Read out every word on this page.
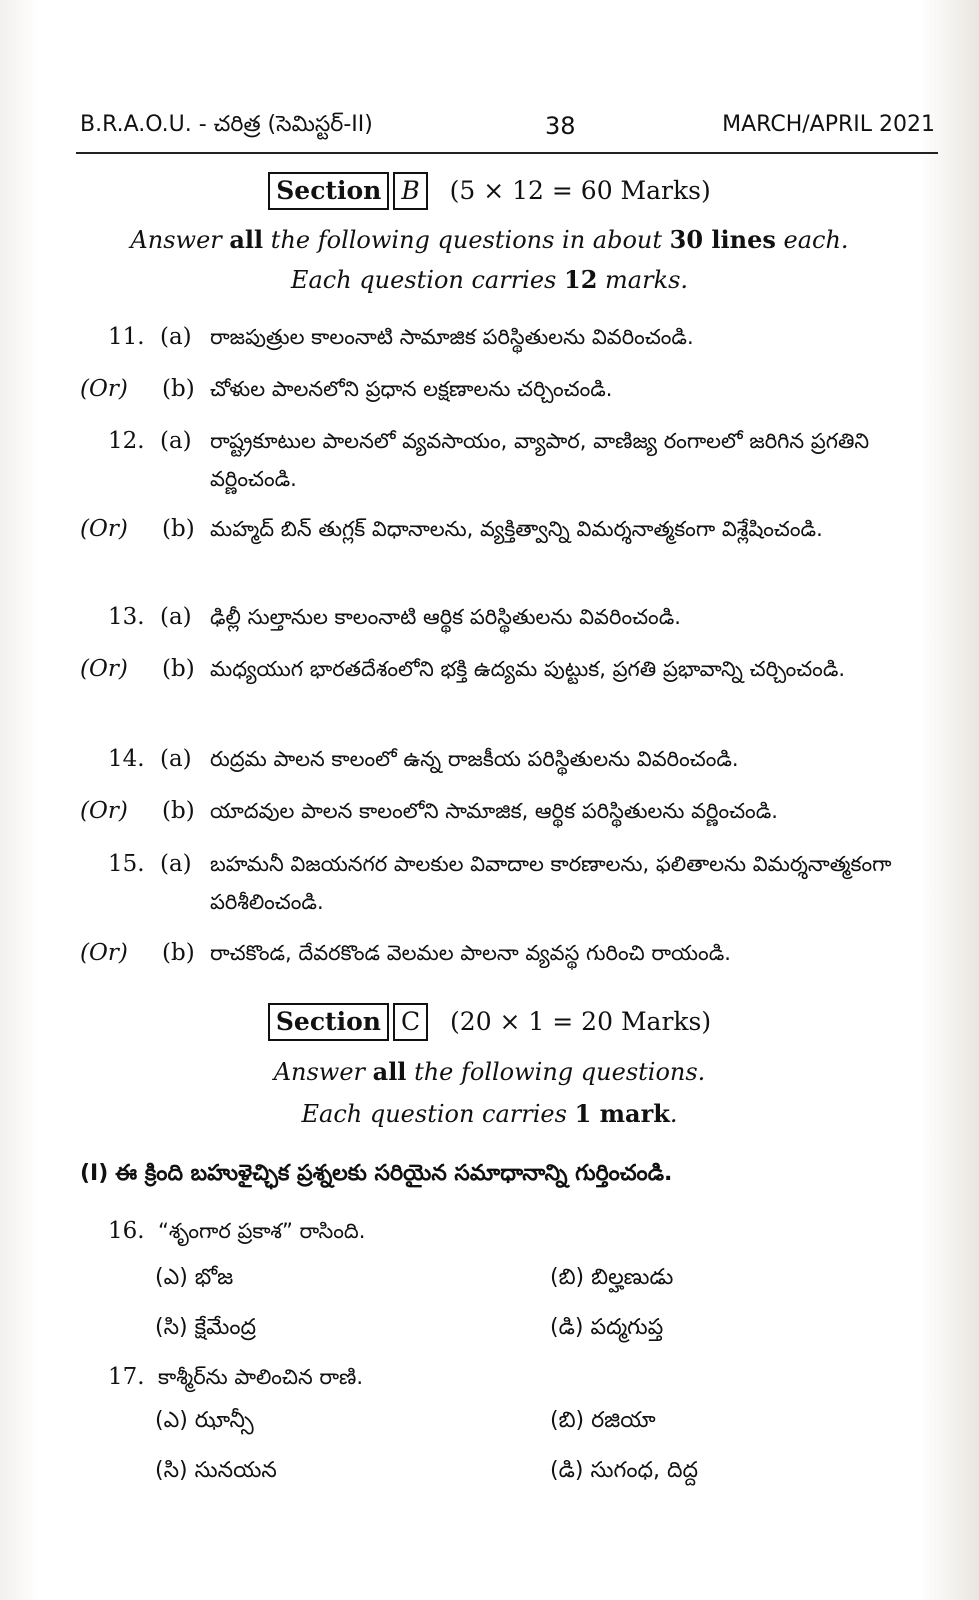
B.R.A.O.U. - చరిత్ర (సెమిస్టర్-II)	38	MARCH/APRIL 2021
Section B (5 × 12 = 60 Marks)
Answer all the following questions in about 30 lines each.
Each question carries 12 marks.
11. (a) రాజపుత్రుల కాలంనాటి సామాజిక పరిస్థితులను వివరించండి.
(Or) (b) చోళుల పాలనలోని ప్రధాన లక్షణాలను చర్చించండి.
12. (a) రాష్ట్రకూటుల పాలనలో వ్యవసాయం, వ్యాపార, వాణిజ్య రంగాలలో జరిగిన ప్రగతిని వర్ణించండి.
(Or) (b) మహ్మద్ బిన్ తుగ్లక్ విధానాలను, వ్యక్తిత్వాన్ని విమర్శనాత్మకంగా విశ్లేషించండి.
13. (a) ఢిల్లీ సుల్తానుల కాలంనాటి ఆర్థిక పరిస్థితులను వివరించండి.
(Or) (b) మధ్యయుగ భారతదేశంలోని భక్తి ఉద్యమ పుట్టుక, ప్రగతి ప్రభావాన్ని చర్చించండి.
14. (a) రుద్రమ పాలన కాలంలో ఉన్న రాజకీయ పరిస్థితులను వివరించండి.
(Or) (b) యాదవుల పాలన కాలంలోని సామాజిక, ఆర్థిక పరిస్థితులను వర్ణించండి.
15. (a) బహమనీ విజయనగర పాలకుల వివాదాల కారణాలను, ఫలితాలను విమర్శనాత్మకంగా పరిశీలించండి.
(Or) (b) రాచకొండ, దేవరకొండ వెలమల పాలనా వ్యవస్థ గురించి రాయండి.
Section C (20 × 1 = 20 Marks)
Answer all the following questions.
Each question carries 1 mark.
(I) ఈ క్రింది బహుళైచ్ఛిక ప్రశ్నలకు సరియైన సమాధానాన్ని గుర్తించండి.
16. “శృంగార ప్రకాశ” రాసింది.
(ఎ) భోజ	(బి) బిల్హణుడు
(సి) క్షేమేంద్ర	(డి) పద్మగుప్త
17. కాశ్మీర్‌ను పాలించిన రాణి.
(ఎ) ఝాన్సీ	(బి) రజియా
(సి) సునయన	(డి) సుగంధ, దిద్ద
